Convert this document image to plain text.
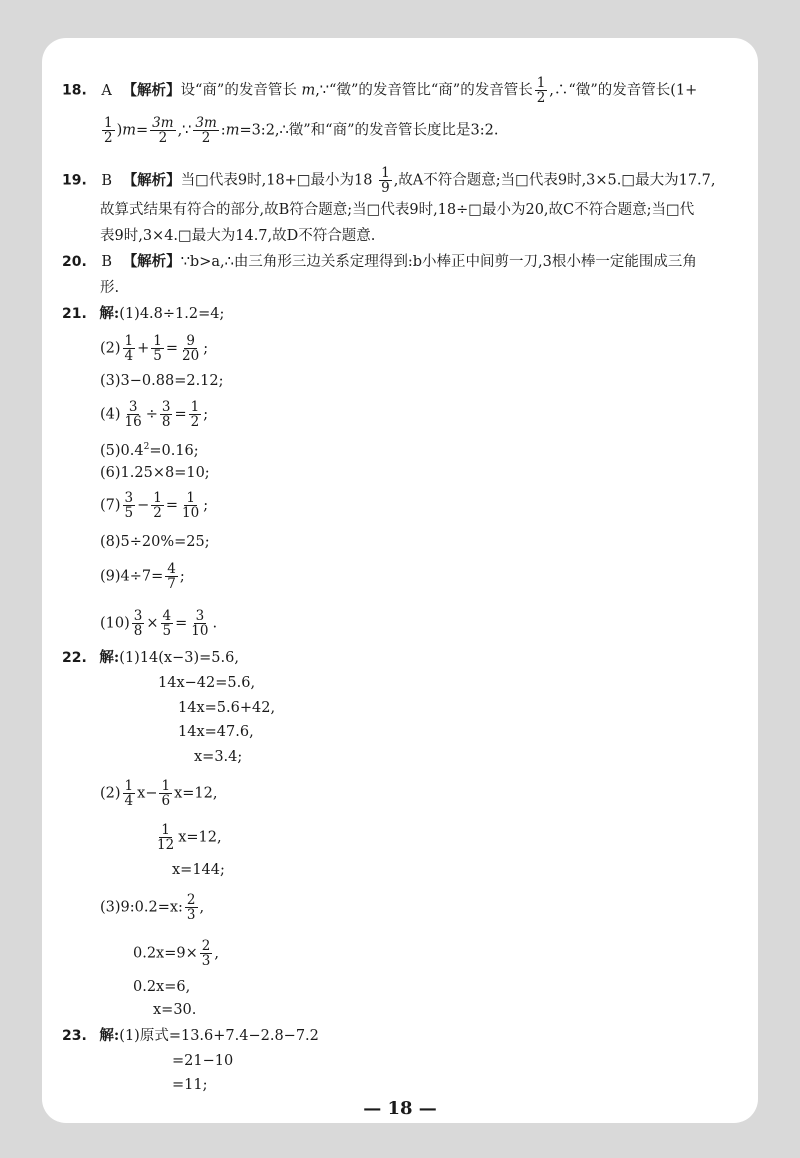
18. A 【解析】设“商”的发音管长 m,∵“徵”的发音管比“商”的发音管长 $\frac{1}{2}$ ,∴“徵”的发音管长(1+
$\frac{1}{2} )m= \frac{3m}{2}$ ,∵ $\frac{3m}{2}$ :m=3:2,∴徵”和“商”的发音管长度比是3:2.
19. B 【解析】当□代表9时,18+□最小为$18 \frac{1}{9}$ ,故A不符合题意;当□代表9时,3×5.□最大为17.7,
故算式结果有符合的部分,故B符合题意;当□代表9时,18÷□最小为20,故C不符合题意;当□代
表9时,3×4.□最大为14.7,故D不符合题意.
20. B 【解析】∵b>a,∴由三角形三边关系定理得到:b小棒正中间剪一刀,3根小棒一定能围成三角
形.
21. 解:(1)4.8÷1.2=4;
$(2) \frac{1}{4} + \frac{1}{5} = \frac{9}{20}$ ;
(3)3−0.88=2.12;
$(4) \frac{3}{16} \div \frac{3}{8} = \frac{1}{2}$ ;
$(5)0.4^2=0.16$;
(6)1.25×8=10;
$(7) \frac{3}{5} - \frac{1}{2} = \frac{1}{10}$ ;
(8)5÷20%=25;
$(9)4\div 7= \frac{4}{7}$ ;
$(10) \frac{3}{8} \times \frac{4}{5} = \frac{3}{10}$ .
22. 解:(1)14(x−3)=5.6,
14x−42=5.6,
14x=5.6+42,
14x=47.6,
x=3.4;
$(2) \frac{1}{4} x- \frac{1}{6} x=12$,
$\frac{1}{12} x=12$,
x=144;
(3)9:0.2=x: $\frac{2}{3}$ ,
$0.2x=9\times \frac{2}{3}$ ,
0.2x=6,
x=30.
23. 解:(1)原式=13.6+7.4−2.8−7.2
=21−10
=11;
— 18 —
